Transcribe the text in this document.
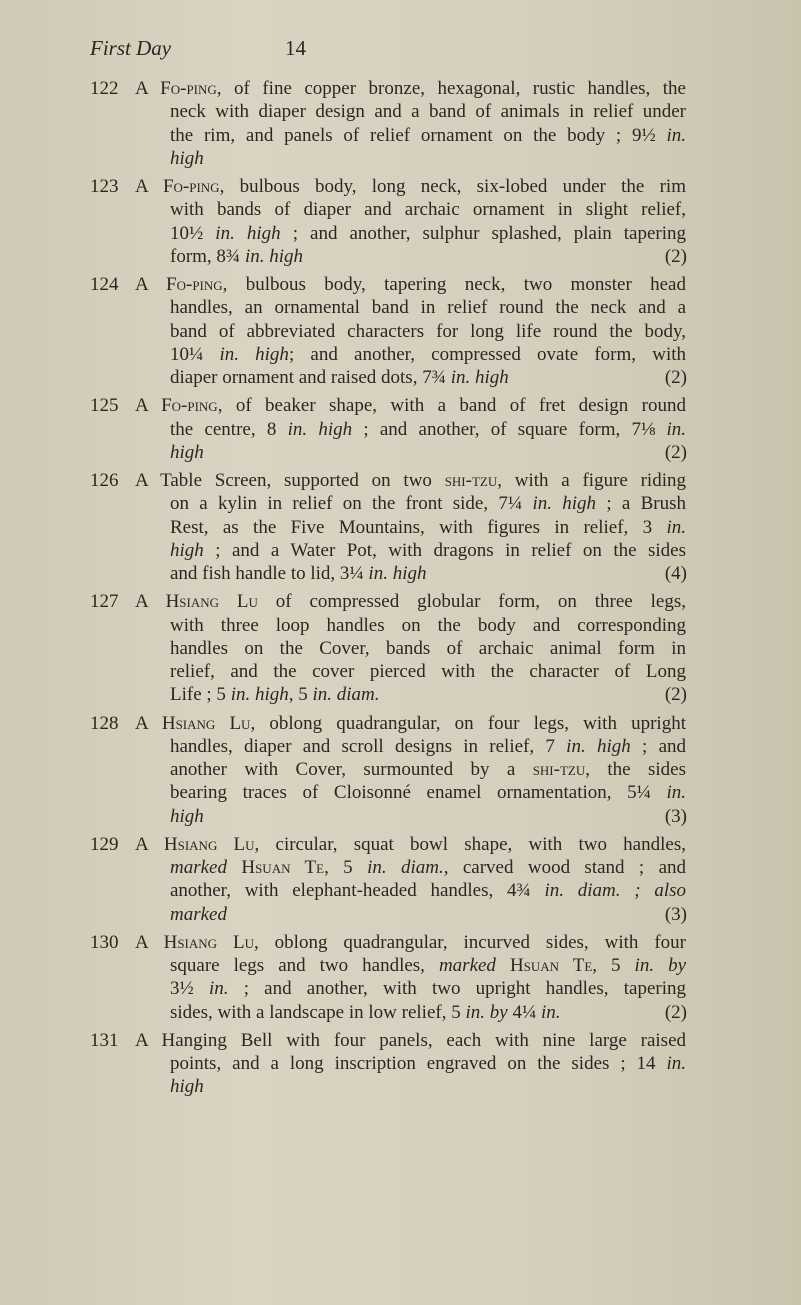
First Day	14
122 A Fo-ping, of fine copper bronze, hexagonal, rustic handles, the
neck with diaper design and a band of animals in relief under
the rim, and panels of relief ornament on the body ; 9½ in.
high
123 A Fo-ping, bulbous body, long neck, six-lobed under the rim
with bands of diaper and archaic ornament in slight relief,
10½ in. high ; and another, sulphur splashed, plain tapering
form, 8¾ in. high	(2)
124 A Fo-ping, bulbous body, tapering neck, two monster head
handles, an ornamental band in relief round the neck and a
band of abbreviated characters for long life round the body,
10¼ in. high; and another, compressed ovate form, with
diaper ornament and raised dots, 7¾ in. high	(2)
125 A Fo-ping, of beaker shape, with a band of fret design round
the centre, 8 in. high ; and another, of square form, 7⅛ in.
high	(2)
126 A Table Screen, supported on two shi-tzu, with a figure riding
on a kylin in relief on the front side, 7¼ in. high ; a Brush
Rest, as the Five Mountains, with figures in relief, 3 in.
high ; and a Water Pot, with dragons in relief on the sides
and fish handle to lid, 3¼ in. high	(4)
127 A Hsiang Lu of compressed globular form, on three legs,
with three loop handles on the body and corresponding
handles on the Cover, bands of archaic animal form in
relief, and the cover pierced with the character of Long
Life ; 5 in. high, 5 in. diam.	(2)
128 A Hsiang Lu, oblong quadrangular, on four legs, with upright
handles, diaper and scroll designs in relief, 7 in. high ; and
another with Cover, surmounted by a shi-tzu, the sides
bearing traces of Cloisonné enamel ornamentation, 5¼ in.
high	(3)
129 A Hsiang Lu, circular, squat bowl shape, with two handles,
marked Hsuan Te, 5 in. diam., carved wood stand ; and
another, with elephant-headed handles, 4¾ in. diam. ; also
marked	(3)
130 A Hsiang Lu, oblong quadrangular, incurved sides, with four
square legs and two handles, marked Hsuan Te, 5 in. by
3½ in. ; and another, with two upright handles, tapering
sides, with a landscape in low relief, 5 in. by 4¼ in.	(2)
131 A Hanging Bell with four panels, each with nine large raised
points, and a long inscription engraved on the sides ; 14 in.
high
